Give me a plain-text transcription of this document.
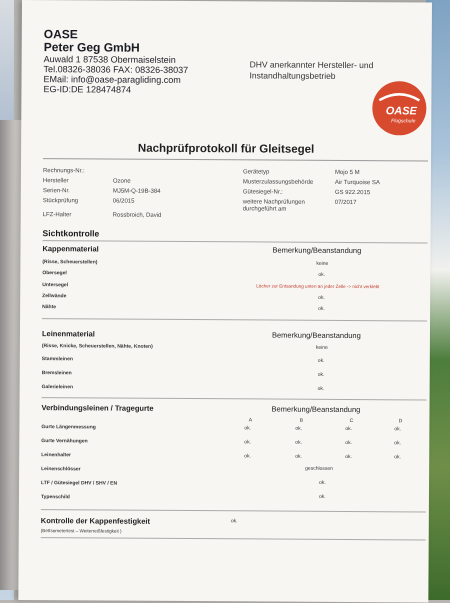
OASE
Peter Geg GmbH
Auwald 1 87538 Obermaiselstein
Tel.08326-38036 FAX: 08326-38037
EMail: info@oase-paragliding.com
EG-ID:DE 128474874
DHV anerkannter Hersteller- und Instandhaltungsbetrieb
OASE
Flugschule
Nachprüfprotokoll für Gleitsegel
Rechnungs-Nr.:
Hersteller	Ozone
Serien-Nr.	MJ5M-Q-19B-384
Stückprüfung	06/2015
LFZ-Halter	Rossbroich, David
Gerätetyp	Mojo 5 M
Musterzulassungsbehörde	Air Turquoise SA
Gütesiegel-Nr.:	GS 922.2015
weitere Nachprüfungen durchgeführt am
07/2017
Sichtkontrolle
Kappenmaterial	Bemerkung/Beanstandung
(Risse, Scheuerstellen)	keine
Obersegel	ok.
Untersegel	Löcher zur Entsandung unten an jeder Zelle -> nicht verklebt
Zellwände	ok.
Nähte	ok.
Leinenmaterial	Bemerkung/Beanstandung
(Risse, Knicke, Scheuerstellen, Nähte, Knoten)	keine
Stammleinen	ok.
Bremsleinen	ok.
Galerieleinen	ok.
Verbindungsleinen / Tragegurte	Bemerkung/Beanstandung
A	B	C	D
Gurte Längenmessung	ok.	ok.	ok.	ok.
Gurte Vernähungen	ok.	ok.	ok.	ok.
Leinenhalter	ok.	ok.	ok.	ok.
Leinenschlösser	geschlossen
LTF / Gütesiegel DHV / SHV / EN	ok.
Typenschild	ok.
Kontrolle der Kappenfestigkeit	ok.
(Bettsometertest – Weiterreißfestigkeit )
